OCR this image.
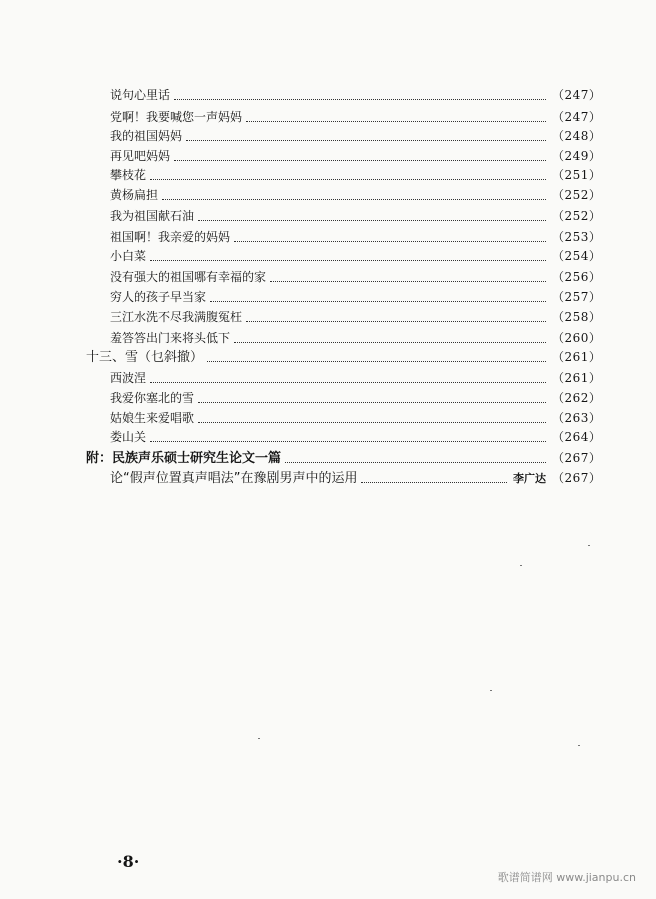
说句心里话	（247）
党啊！我要喊您一声妈妈	（247）
我的祖国妈妈	（248）
再见吧妈妈	（249）
攀枝花	（251）
黄杨扁担	（252）
我为祖国献石油	（252）
祖国啊！我亲爱的妈妈	（253）
小白菜	（254）
没有强大的祖国哪有幸福的家	（256）
穷人的孩子早当家	（257）
三江水洗不尽我满腹冤枉	（258）
羞答答出门来将头低下	（260）
十三、雪（乜斜撤）	（261）
西波涅	（261）
我爱你塞北的雪	（262）
姑娘生来爱唱歌	（263）
娄山关	（264）
附：民族声乐硕士研究生论文一篇	（267）
论“假声位置真声唱法”在豫剧男声中的运用	李广达 （267）
·8·
歌谱简谱网 www.jianpu.cn
